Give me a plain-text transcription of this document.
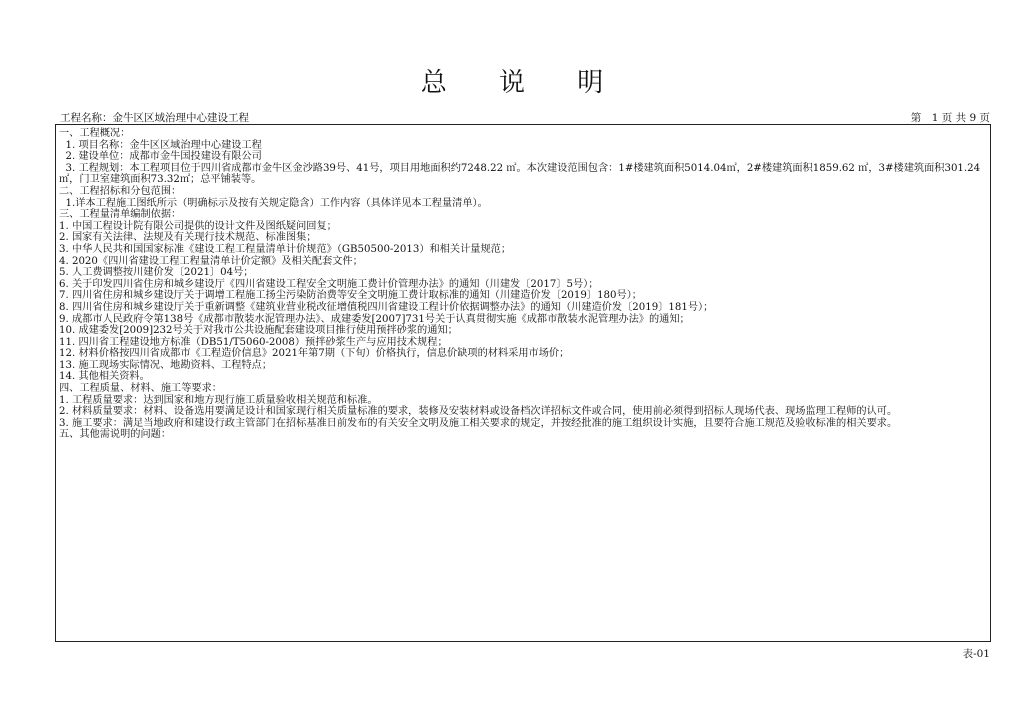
总 说 明
工程名称：金牛区区域治理中心建设工程	第　1 页 共 9 页
一、工程概况：
1. 项目名称：金牛区区域治理中心建设工程
2. 建设单位：成都市金牛国投建设有限公司
3. 工程规划：本工程项目位于四川省成都市金牛区金沙路39号、41号，项目用地面积约7248.22 ㎡。本次建设范围包含：1#楼建筑面积5014.04㎡，2#楼建筑面积1859.62 ㎡，3#楼建筑面积301.24㎡，门卫室建筑面积73.32㎡；总平铺装等。
二、工程招标和分包范围：
1.详本工程施工图纸所示（明确标示及按有关规定隐含）工作内容（具体详见本工程量清单）。
三、工程量清单编制依据：
1. 中国工程设计院有限公司提供的设计文件及图纸疑问回复；
2. 国家有关法律、法规及有关现行技术规范、标准图集；
3. 中华人民共和国国家标准《建设工程工程量清单计价规范》（GB50500-2013）和相关计量规范；
4. 2020《四川省建设工程工程量清单计价定额》及相关配套文件；
5. 人工费调整按川建价发〔2021〕04号；
6. 关于印发四川省住房和城乡建设厅《四川省建设工程安全文明施工费计价管理办法》的通知（川建发〔2017〕5号）；
7. 四川省住房和城乡建设厅关于调增工程施工扬尘污染防治费等安全文明施工费计取标准的通知（川建造价发〔2019〕180号）；
8. 四川省住房和城乡建设厅关于重新调整《建筑业营业税改征增值税四川省建设工程计价依据调整办法》的通知（川建造价发〔2019〕181号）；
9. 成都市人民政府令第138号《成都市散装水泥管理办法》、成建委发[2007]731号关于认真贯彻实施《成都市散装水泥管理办法》的通知；
10. 成建委发[2009]232号关于对我市公共设施配套建设项目推行使用预拌砂浆的通知；
11. 四川省工程建设地方标准（DB51/T5060-2008）预拌砂浆生产与应用技术规程；
12. 材料价格按四川省成都市《工程造价信息》2021年第7期（下旬）价格执行，信息价缺项的材料采用市场价；
13. 施工现场实际情况、地勘资料、工程特点；
14. 其他相关资料。
四、工程质量、材料、施工等要求：
1. 工程质量要求：达到国家和地方现行施工质量验收相关规范和标准。
2. 材料质量要求：材料、设备选用要满足设计和国家现行相关质量标准的要求，装修及安装材料或设备档次详招标文件或合同，使用前必须得到招标人现场代表、现场监理工程师的认可。
3. 施工要求：满足当地政府和建设行政主管部门在招标基准日前发布的有关安全文明及施工相关要求的规定，并按经批准的施工组织设计实施，且要符合施工规范及验收标准的相关要求。
五、其他需说明的问题：
表-01
